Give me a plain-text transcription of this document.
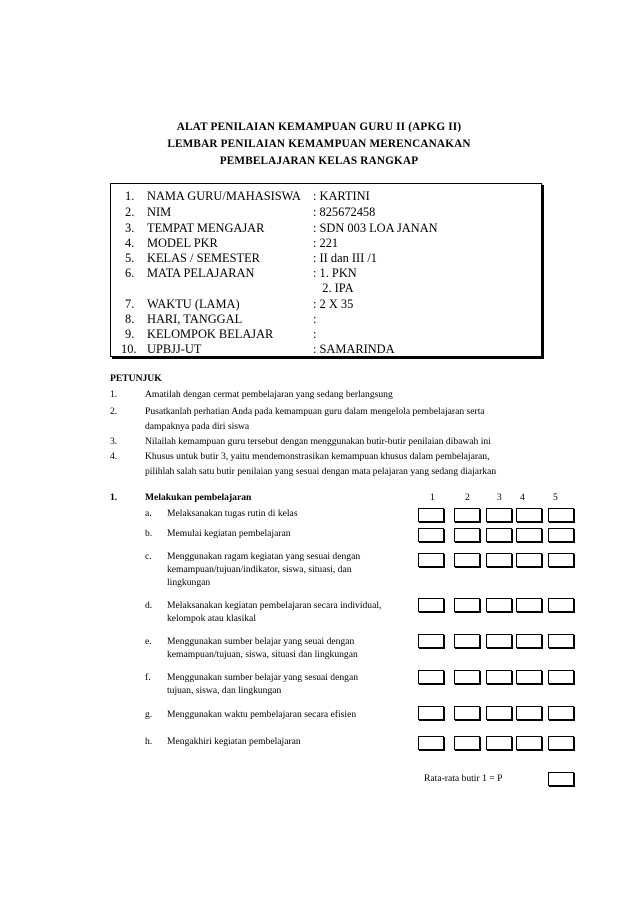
ALAT PENILAIAN KEMAMPUAN GURU II (APKG II)
LEMBAR PENILAIAN KEMAMPUAN MERENCANAKAN
PEMBELAJARAN KELAS RANGKAP
1. NAMA GURU/MAHASISWA : KARTINI
2. NIM	: 825672458
3. TEMPAT MENGAJAR	: SDN 003 LOA JANAN
4. MODEL PKR	: 221
5. KELAS / SEMESTER	: II dan III /1
6. MATA PELAJARAN	: 1. PKN
2. IPA
7. WAKTU (LAMA)	: 2 X 35
8. HARI, TANGGAL	:
9. KELOMPOK BELAJAR	:
10. UPBJJ-UT	: SAMARINDA
PETUNJUK
1.	Amatilah dengan cermat pembelajaran yang sedang berlangsung
2.	Pusatkanlah perhatian Anda pada kemampuan guru dalam mengelola pembelajaran serta
dampaknya pada diri siswa
3.	Nilailah kemampuan guru tersebut dengan menggunakan butir-butir penilaian dibawah ini
4.	Khusus untuk butir 3, yaitu mendemonstrasikan kemampuan khusus dalam pembelajaran,
pilihlah salah satu butir penilaian yang sesuai dengan mata pelajaran yang sedang diajarkan
1.	Melakukan pembelajaran	1	2	3 4	5
a. Melaksanakan tugas rutin di kelas
b. Memulai kegiatan pembelajaran
c. Menggunakan ragam kegiatan yang sesuai dengan
kemampuan/tujuan/indikator, siswa, situasi, dan
lingkungan
d. Melaksanakan kegiatan pembelajaran secara individual,
kelompok atau klasikal
e. Menggunakan sumber belajar yang seuai dengan
kemampuan/tujuan, siswa, situasi dan lingkungan
f. Menggunakan sumber belajar yang sesuai dengan
tujuan, siswa, dan lingkungan
g. Menggunakan waktu pembelajaran secara efisien
h. Mengakhiri kegiatan pembelajaran
Rata-rata butir 1 = P
